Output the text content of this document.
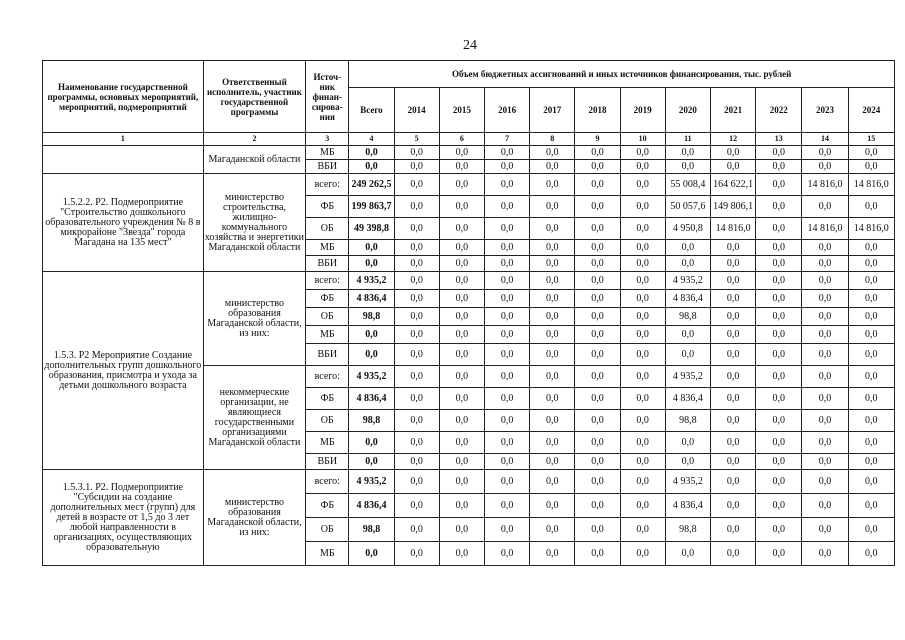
24
Наименование государственной программы, основных мероприятий, мероприятий, подмероприятий	Ответственный исполнитель, участник государственной программы	Источ-ник финан-сирова-ния	Объем бюджетных ассигнований и иных источников финансирования, тыс. рублей											
			Всего	2014	2015	2016	2017	2018	2019	2020	2021	2022	2023	2024
1	2	3	4	5	6	7	8	9	10	11	12	13	14	15
	Магаданской области	МБ	0,0	0,0	0,0	0,0	0,0	0,0	0,0	0,0	0,0	0,0	0,0	0,0
		ВБИ	0,0	0,0	0,0	0,0	0,0	0,0	0,0	0,0	0,0	0,0	0,0	0,0
1.5.2.2. Р2. Подмероприятие "Строительство дошкольного образовательного учреждения № 8 в микрорайоне "Звезда" города Магадана на 135 мест"	министерство строительства, жилищно-коммунального хозяйства и энергетики Магаданской области	всего:	249 262,5	0,0	0,0	0,0	0,0	0,0	0,0	55 008,4	164 622,1	0,0	14 816,0	14 816,0
		ФБ	199 863,7	0,0	0,0	0,0	0,0	0,0	0,0	50 057,6	149 806,1	0,0	0,0	0,0
		ОБ	49 398,8	0,0	0,0	0,0	0,0	0,0	0,0	4 950,8	14 816,0	0,0	14 816,0	14 816,0
		МБ	0,0	0,0	0,0	0,0	0,0	0,0	0,0	0,0	0,0	0,0	0,0	0,0
		ВБИ	0,0	0,0	0,0	0,0	0,0	0,0	0,0	0,0	0,0	0,0	0,0	0,0
1.5.3. Р2 Мероприятие Создание дополнительных групп дошкольного образования, присмотра и ухода за детьми дошкольного возраста	министерство образования Магаданской области, из них:	всего:	4 935,2	0,0	0,0	0,0	0,0	0,0	0,0	4 935,2	0,0	0,0	0,0	0,0
		ФБ	4 836,4	0,0	0,0	0,0	0,0	0,0	0,0	4 836,4	0,0	0,0	0,0	0,0
		ОБ	98,8	0,0	0,0	0,0	0,0	0,0	0,0	98,8	0,0	0,0	0,0	0,0
		МБ	0,0	0,0	0,0	0,0	0,0	0,0	0,0	0,0	0,0	0,0	0,0	0,0
		ВБИ	0,0	0,0	0,0	0,0	0,0	0,0	0,0	0,0	0,0	0,0	0,0	0,0
	некоммерческие организации, не являющиеся государственными организациями Магаданской области	всего:	4 935,2	0,0	0,0	0,0	0,0	0,0	0,0	4 935,2	0,0	0,0	0,0	0,0
		ФБ	4 836,4	0,0	0,0	0,0	0,0	0,0	0,0	4 836,4	0,0	0,0	0,0	0,0
		ОБ	98,8	0,0	0,0	0,0	0,0	0,0	0,0	98,8	0,0	0,0	0,0	0,0
		МБ	0,0	0,0	0,0	0,0	0,0	0,0	0,0	0,0	0,0	0,0	0,0	0,0
		ВБИ	0,0	0,0	0,0	0,0	0,0	0,0	0,0	0,0	0,0	0,0	0,0	0,0
1.5.3.1. Р2. Подмероприятие "Субсидии на создание дополнительных мест (групп) для детей в возрасте от 1,5 до 3 лет любой направленности в организациях, осуществляющих образовательную	министерство образования Магаданской области, из них:	всего:	4 935,2	0,0	0,0	0,0	0,0	0,0	0,0	4 935,2	0,0	0,0	0,0	0,0
		ФБ	4 836,4	0,0	0,0	0,0	0,0	0,0	0,0	4 836,4	0,0	0,0	0,0	0,0
		ОБ	98,8	0,0	0,0	0,0	0,0	0,0	0,0	98,8	0,0	0,0	0,0	0,0
		МБ	0,0	0,0	0,0	0,0	0,0	0,0	0,0	0,0	0,0	0,0	0,0	0,0
